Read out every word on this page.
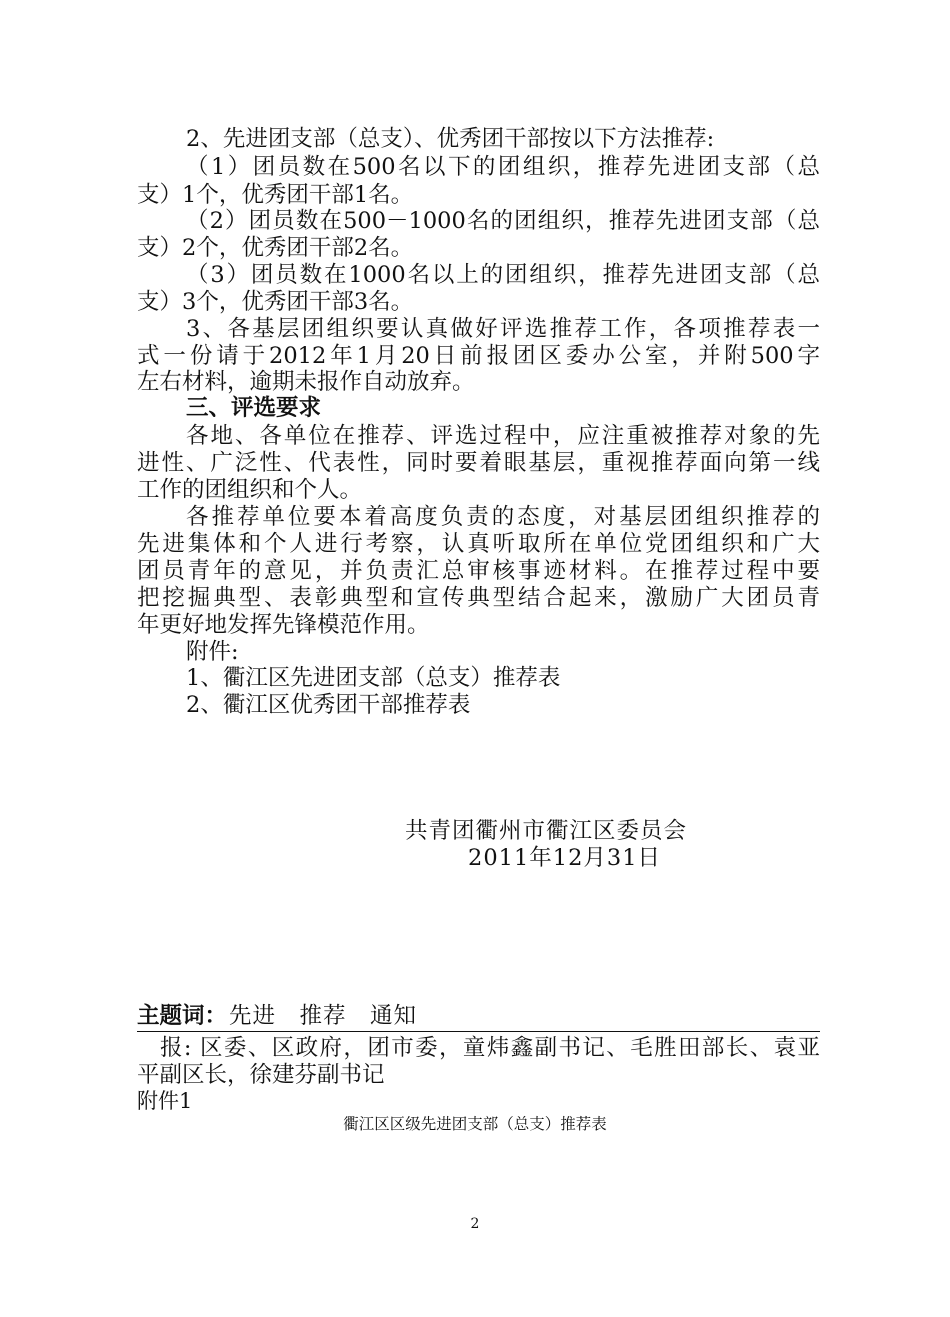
2、先进团支部（总支）、优秀团干部按以下方法推荐:
（1）团员数在500名以下的团组织，推荐先进团支部（总
支）1个，优秀团干部1名。
（2）团员数在500－1000名的团组织，推荐先进团支部（总
支）2个，优秀团干部2名。
（3）团员数在1000名以上的团组织，推荐先进团支部（总
支）3个，优秀团干部3名。
3、各基层团组织要认真做好评选推荐工作，各项推荐表一
式一份请于2012年1月20日前报团区委办公室，并附500字
左右材料，逾期未报作自动放弃。
三、评选要求
各地、各单位在推荐、评选过程中，应注重被推荐对象的先
进性、广泛性、代表性，同时要着眼基层，重视推荐面向第一线
工作的团组织和个人。
各推荐单位要本着高度负责的态度，对基层团组织推荐的
先进集体和个人进行考察，认真听取所在单位党团组织和广大
团员青年的意见，并负责汇总审核事迹材料。在推荐过程中要
把挖掘典型、表彰典型和宣传典型结合起来，激励广大团员青
年更好地发挥先锋模范作用。
附件:
1、衢江区先进团支部（总支）推荐表
2、衢江区优秀团干部推荐表
共青团衢州市衢江区委员会
2011年12月31日
主题词：先进　推荐　通知
报: 区委、区政府，团市委，童炜鑫副书记、毛胜田部长、袁亚
平副区长，徐建芬副书记
附件1
衢江区区级先进团支部（总支）推荐表
2
